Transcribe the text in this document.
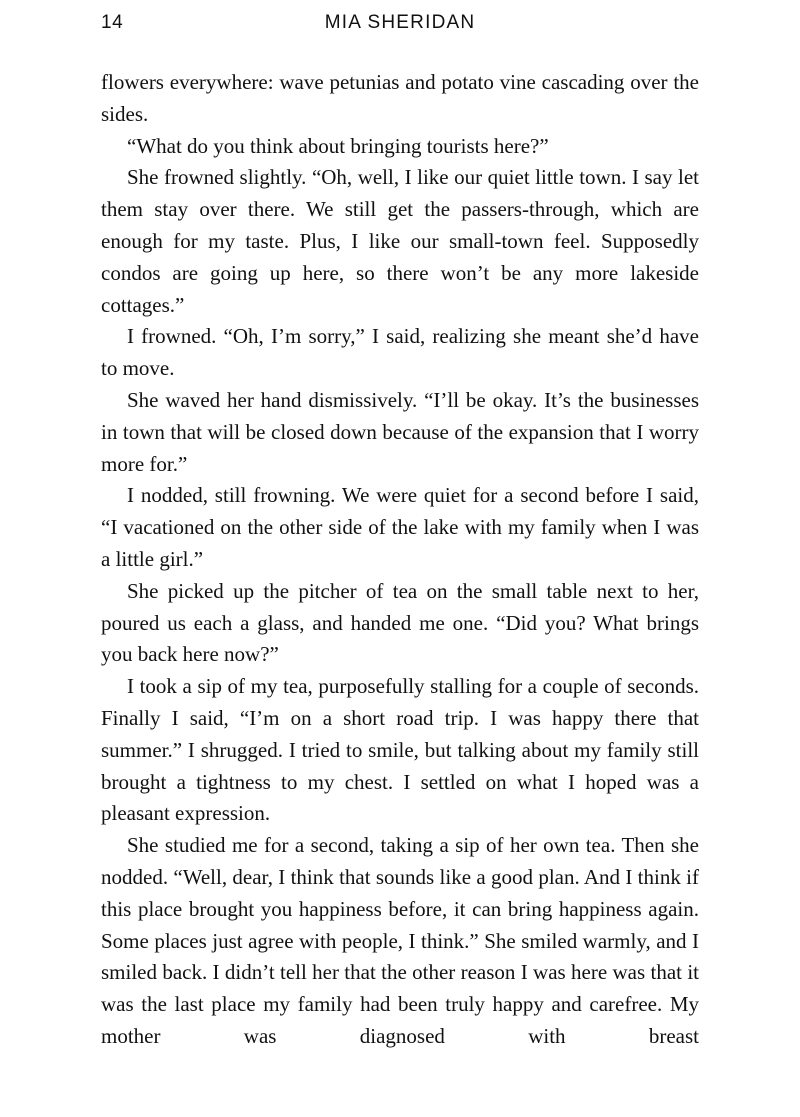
14	MIA SHERIDAN

flowers everywhere: wave petunias and potato vine cascading over the sides.

“What do you think about bringing tourists here?”

She frowned slightly. “Oh, well, I like our quiet little town. I say let them stay over there. We still get the passers-through, which are enough for my taste. Plus, I like our small-town feel. Supposedly condos are going up here, so there won’t be any more lakeside cottages.”

I frowned. “Oh, I’m sorry,” I said, realizing she meant she’d have to move.

She waved her hand dismissively. “I’ll be okay. It’s the businesses in town that will be closed down because of the expansion that I worry more for.”

I nodded, still frowning. We were quiet for a second before I said, “I vacationed on the other side of the lake with my family when I was a little girl.”

She picked up the pitcher of tea on the small table next to her, poured us each a glass, and handed me one. “Did you? What brings you back here now?”

I took a sip of my tea, purposefully stalling for a couple of seconds. Finally I said, “I’m on a short road trip. I was happy there that summer.” I shrugged. I tried to smile, but talking about my family still brought a tightness to my chest. I settled on what I hoped was a pleasant expression.

She studied me for a second, taking a sip of her own tea. Then she nodded. “Well, dear, I think that sounds like a good plan. And I think if this place brought you happiness before, it can bring happiness again. Some places just agree with people, I think.” She smiled warmly, and I smiled back. I didn’t tell her that the other reason I was here was that it was the last place my family had been truly happy and carefree. My mother was diagnosed with breast
